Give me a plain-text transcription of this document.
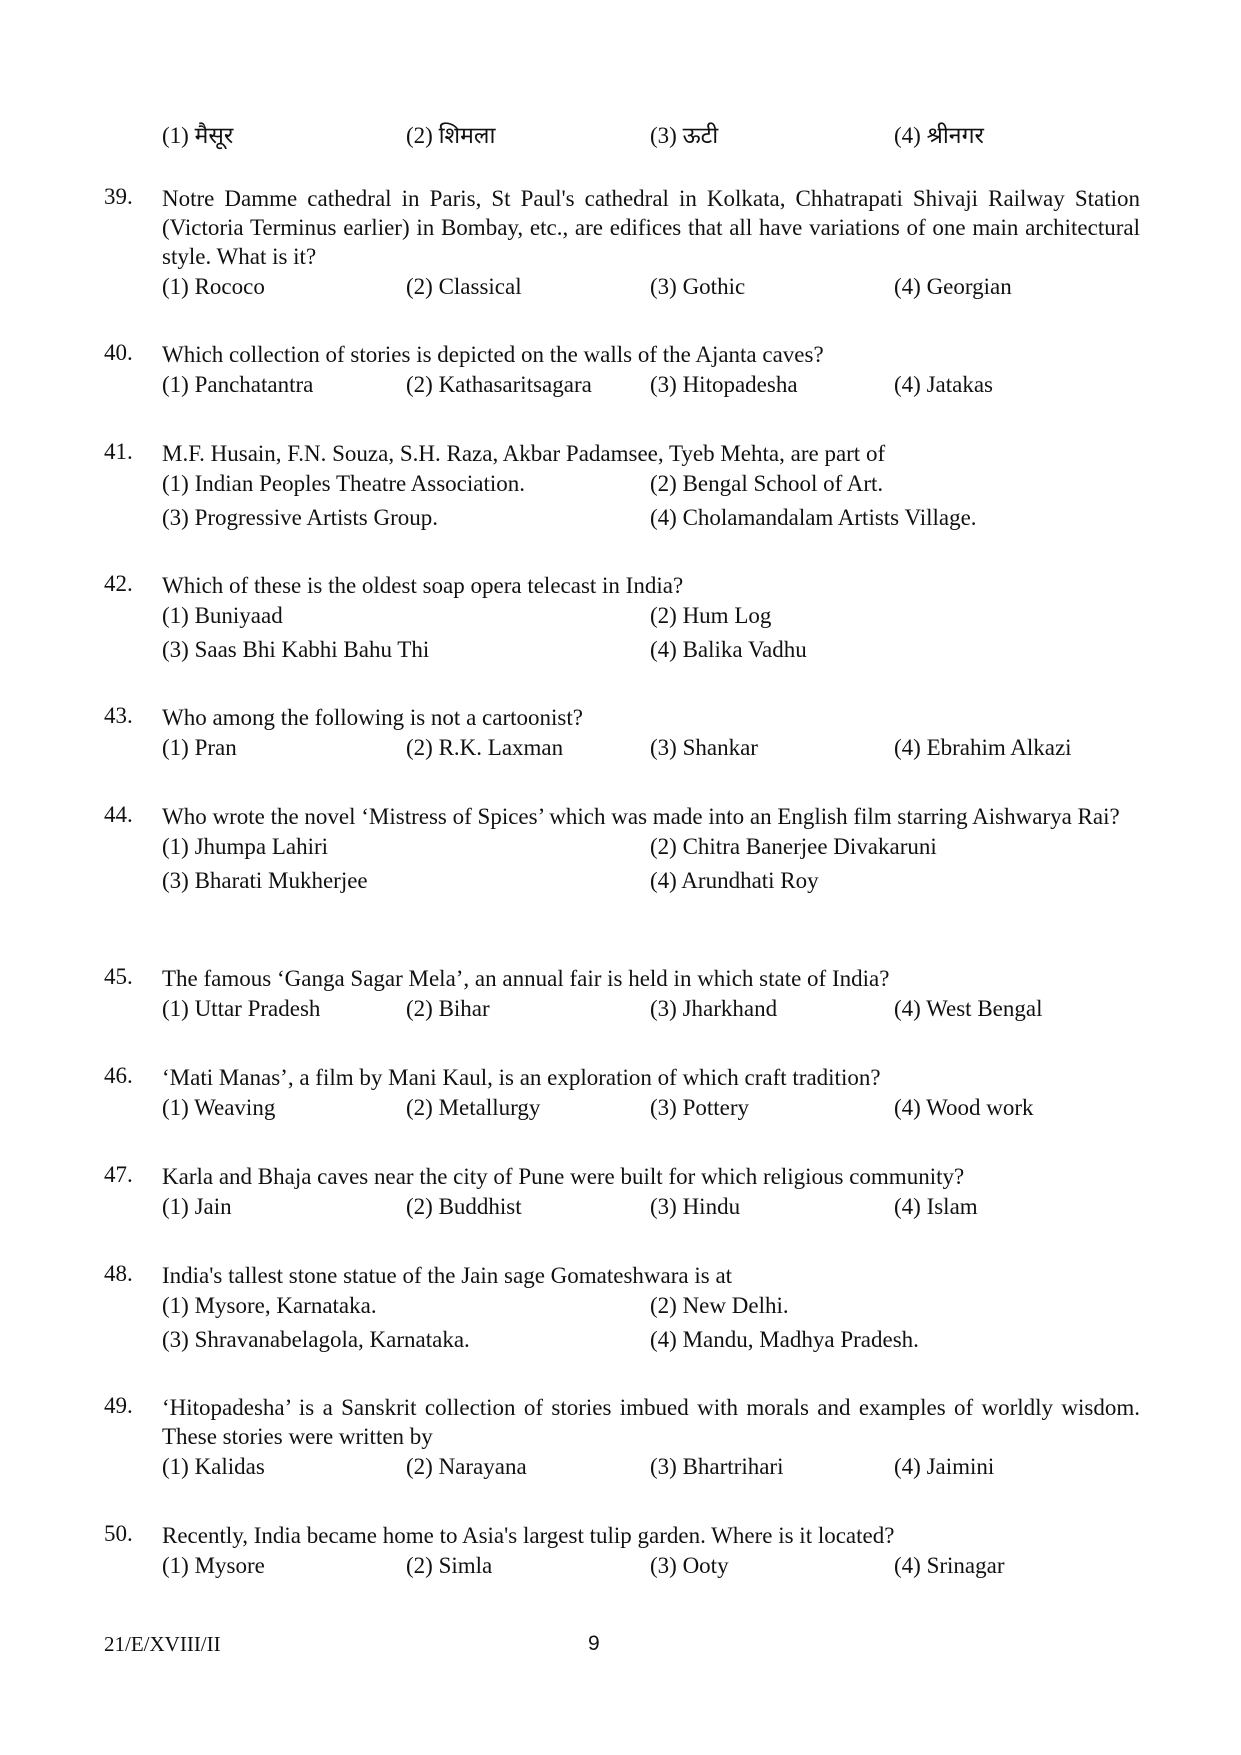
(1) मैसूर	(2) शिमला	(3) ऊटी	(4) श्रीनगर
39.	Notre Damme cathedral in Paris, St Paul's cathedral in Kolkata, Chhatrapati Shivaji Railway Station (Victoria Terminus earlier) in Bombay, etc., are edifices that all have variations of one main architectural style. What is it?
(1) Rococo	(2) Classical	(3) Gothic	(4) Georgian
40.	Which collection of stories is depicted on the walls of the Ajanta caves?
(1) Panchatantra	(2) Kathasaritsagara	(3) Hitopadesha	(4) Jatakas
41.	M.F. Husain, F.N. Souza, S.H. Raza, Akbar Padamsee, Tyeb Mehta, are part of
(1) Indian Peoples Theatre Association.	(2) Bengal School of Art.
(3) Progressive Artists Group.	(4) Cholamandalam Artists Village.
42.	Which of these is the oldest soap opera telecast in India?
(1) Buniyaad	(2) Hum Log
(3) Saas Bhi Kabhi Bahu Thi	(4) Balika Vadhu
43.	Who among the following is not a cartoonist?
(1) Pran	(2) R.K. Laxman	(3) Shankar	(4) Ebrahim Alkazi
44.	Who wrote the novel ‘Mistress of Spices’ which was made into an English film starring Aishwarya Rai?
(1) Jhumpa Lahiri	(2) Chitra Banerjee Divakaruni
(3) Bharati Mukherjee	(4) Arundhati Roy
45.	The famous ‘Ganga Sagar Mela’, an annual fair is held in which state of India?
(1) Uttar Pradesh	(2) Bihar	(3) Jharkhand	(4) West Bengal
46.	‘Mati Manas’, a film by Mani Kaul, is an exploration of which craft tradition?
(1) Weaving	(2) Metallurgy	(3) Pottery	(4) Wood work
47.	Karla and Bhaja caves near the city of Pune were built for which religious community?
(1) Jain	(2) Buddhist	(3) Hindu	(4) Islam
48.	India's tallest stone statue of the Jain sage Gomateshwara is at
(1) Mysore, Karnataka.	(2) New Delhi.
(3) Shravanabelagola, Karnataka.	(4) Mandu, Madhya Pradesh.
49.	‘Hitopadesha’ is a Sanskrit collection of stories imbued with morals and examples of worldly wisdom. These stories were written by
(1) Kalidas	(2) Narayana	(3) Bhartrihari	(4) Jaimini
50.	Recently, India became home to Asia's largest tulip garden. Where is it located?
(1) Mysore	(2) Simla	(3) Ooty	(4) Srinagar
21/E/XVIII/II	9
